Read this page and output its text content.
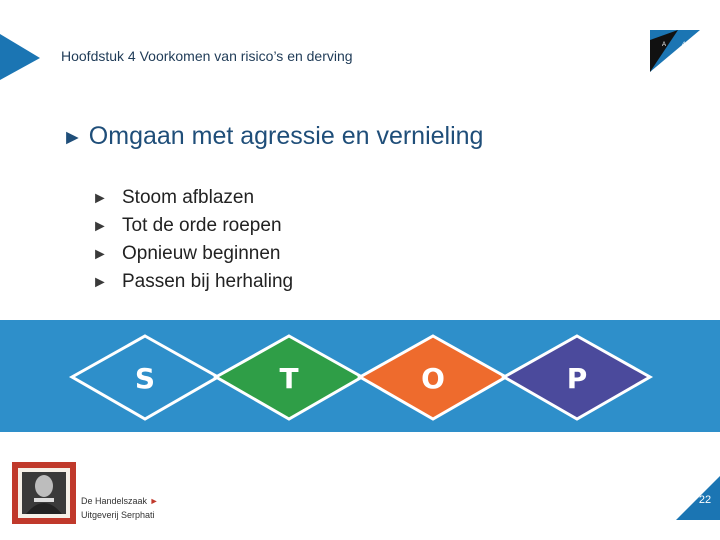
Hoofdstuk 4 Voorkomen van risico’s en derving
A	4
► Omgaan met agressie en vernieling
► Stoom afblazen
► Tot de orde roepen
► Opnieuw beginnen
► Passen bij herhaling
S	T	O	P
De Handelszaak ►
Uitgeverij Serphati
22
